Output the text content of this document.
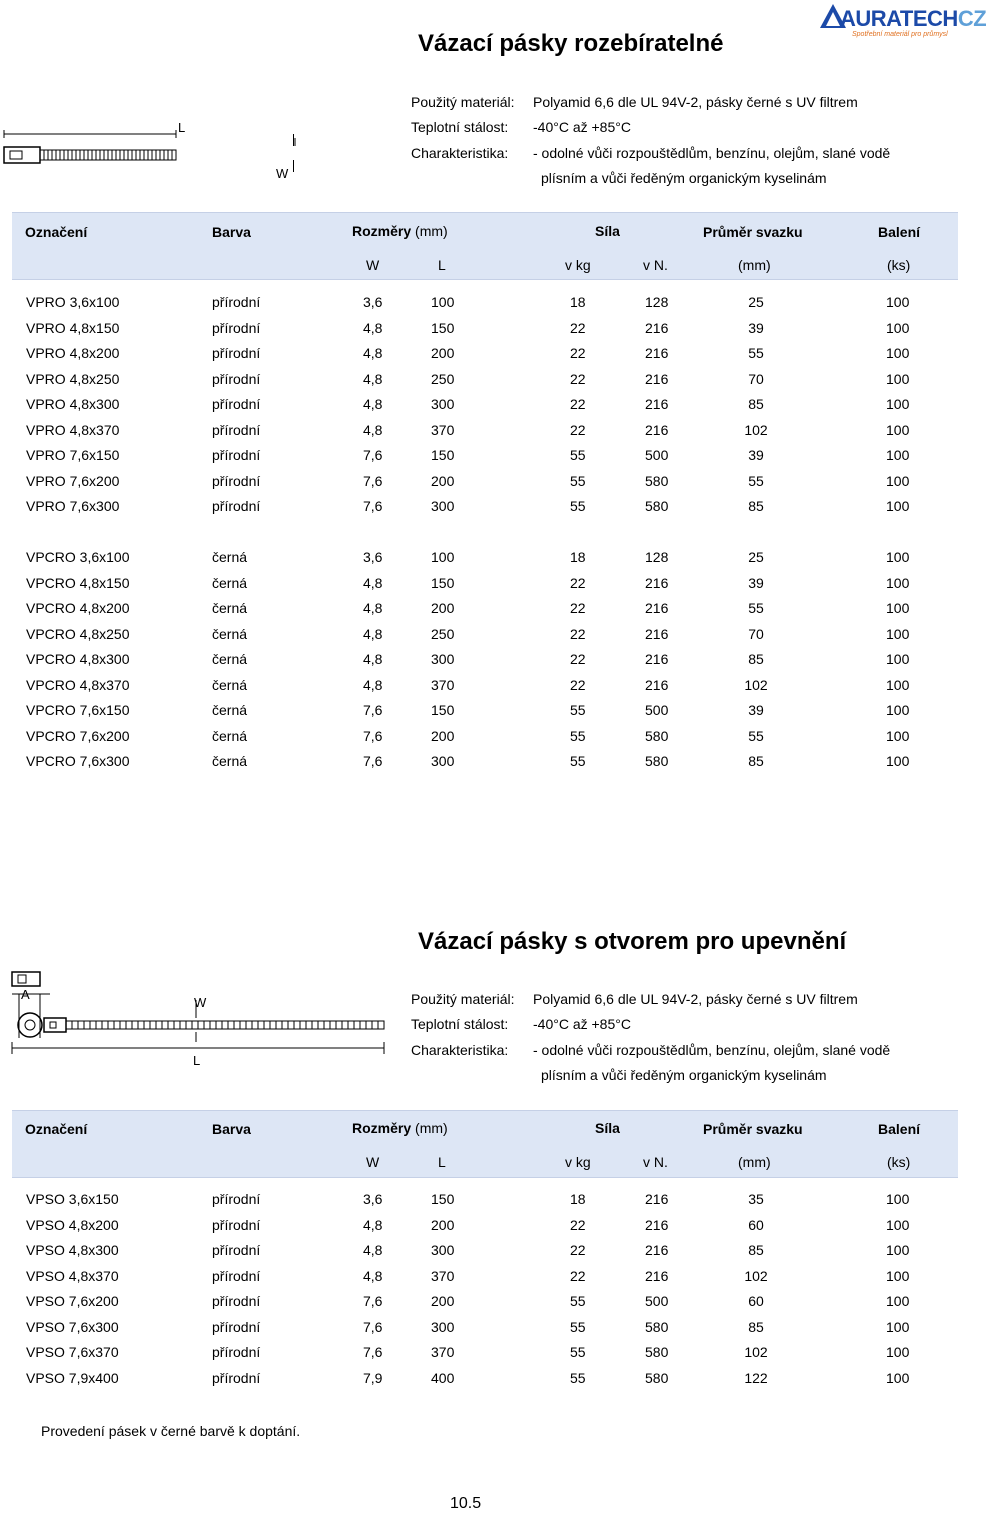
AURATECHCZ
Spotřební materiál pro průmysl
Vázací pásky rozebíratelné
L
W
Použitý materiál: Polyamid 6,6 dle UL 94V-2, pásky černé s UV filtrem
Teplotní stálost: -40°C až +85°C
Charakteristika: - odolné vůči rozpouštědlům, benzínu, olejům, slané vodě
plísním a vůči ředěným organickým kyselinám
Označení	Barva	Rozměry (mm)	Síla	Průměr svazku	Balení
W	L	v kg	v N.	(mm)	(ks)
VPRO 3,6x100	přírodní	3,6	100	18	128	25	100
VPRO 4,8x150	přírodní	4,8	150	22	216	39	100
VPRO 4,8x200	přírodní	4,8	200	22	216	55	100
VPRO 4,8x250	přírodní	4,8	250	22	216	70	100
VPRO 4,8x300	přírodní	4,8	300	22	216	85	100
VPRO 4,8x370	přírodní	4,8	370	22	216	102	100
VPRO 7,6x150	přírodní	7,6	150	55	500	39	100
VPRO 7,6x200	přírodní	7,6	200	55	580	55	100
VPRO 7,6x300	přírodní	7,6	300	55	580	85	100
VPCRO 3,6x100	černá	3,6	100	18	128	25	100
VPCRO 4,8x150	černá	4,8	150	22	216	39	100
VPCRO 4,8x200	černá	4,8	200	22	216	55	100
VPCRO 4,8x250	černá	4,8	250	22	216	70	100
VPCRO 4,8x300	černá	4,8	300	22	216	85	100
VPCRO 4,8x370	černá	4,8	370	22	216	102	100
VPCRO 7,6x150	černá	7,6	150	55	500	39	100
VPCRO 7,6x200	černá	7,6	200	55	580	55	100
VPCRO 7,6x300	černá	7,6	300	55	580	85	100
Vázací pásky s otvorem pro upevnění
A
W
L
Použitý materiál: Polyamid 6,6 dle UL 94V-2, pásky černé s UV filtrem
Teplotní stálost: -40°C až +85°C
Charakteristika: - odolné vůči rozpouštědlům, benzínu, olejům, slané vodě
plísním a vůči ředěným organickým kyselinám
Označení	Barva	Rozměry (mm)	Síla	Průměr svazku	Balení
W	L	v kg	v N.	(mm)	(ks)
VPSO 3,6x150	přírodní	3,6	150	18	216	35	100
VPSO 4,8x200	přírodní	4,8	200	22	216	60	100
VPSO 4,8x300	přírodní	4,8	300	22	216	85	100
VPSO 4,8x370	přírodní	4,8	370	22	216	102	100
VPSO 7,6x200	přírodní	7,6	200	55	500	60	100
VPSO 7,6x300	přírodní	7,6	300	55	580	85	100
VPSO 7,6x370	přírodní	7,6	370	55	580	102	100
VPSO 7,9x400	přírodní	7,9	400	55	580	122	100
Provedení pásek v černé barvě k doptání.
10.5
